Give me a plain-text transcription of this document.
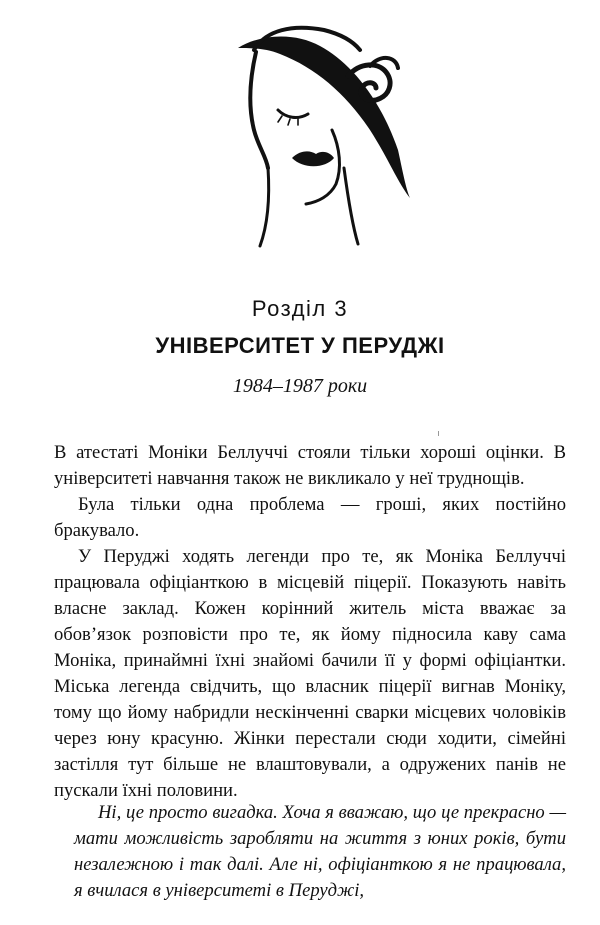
Розділ 3
УНІВЕРСИТЕТ У ПЕРУДЖІ
1984–1987 роки

В атестаті Моніки Беллуччі стояли тільки хороші оцінки. В університеті навчання також не викликало у неї труднощів.

Була тільки одна проблема — гроші, яких постійно бракувало.

У Перуджі ходять легенди про те, як Моніка Беллуччі працювала офіціанткою в місцевій піцерії. Показують навіть власне заклад. Кожен корінний житель міста вважає за обов’язок розповісти про те, як йому підносила каву сама Моніка, принаймні їхні знайомі бачили її у формі офіціантки. Міська легенда свідчить, що власник піцерії вигнав Моніку, тому що йому набридли нескінченні сварки місцевих чоловіків через юну красуню. Жінки перестали сюди ходити, сімейні застілля тут більше не влаштовували, а одружених панів не пускали їхні половини.

Ні, це просто вигадка. Хоча я вважаю, що це прекрасно — мати можливість заробляти на життя з юних років, бути незалежною і так далі. Але ні, офіціанткою я не працювала, я вчилася в університеті в Перуджі,
